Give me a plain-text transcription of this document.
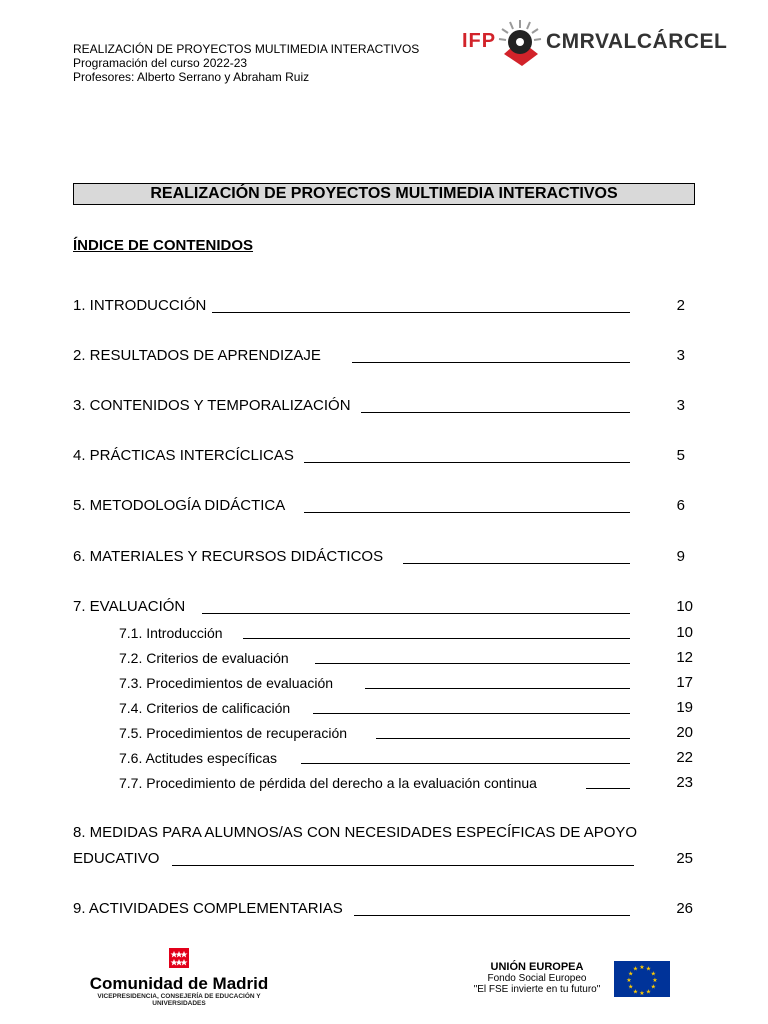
REALIZACIÓN DE PROYECTOS MULTIMEDIA INTERACTIVOS
Programación del curso 2022-23
Profesores: Alberto Serrano y Abraham Ruiz
IFP CMRVALCÁRCEL
REALIZACIÓN DE PROYECTOS MULTIMEDIA INTERACTIVOS
ÍNDICE DE CONTENIDOS
1. INTRODUCCIÓN	2
2. RESULTADOS DE APRENDIZAJE	3
3. CONTENIDOS Y TEMPORALIZACIÓN	3
4. PRÁCTICAS INTERCÍCLICAS	5
5. METODOLOGÍA DIDÁCTICA	6
6. MATERIALES Y RECURSOS DIDÁCTICOS	9
7. EVALUACIÓN	10
7.1. Introducción	10
7.2. Criterios de evaluación	12
7.3. Procedimientos de evaluación	17
7.4. Criterios de calificación	19
7.5. Procedimientos de recuperación	20
7.6. Actitudes específicas	22
7.7. Procedimiento de pérdida del derecho a la evaluación continua	23
8. MEDIDAS PARA ALUMNOS/AS CON NECESIDADES ESPECÍFICAS DE APOYO
EDUCATIVO	25
9. ACTIVIDADES COMPLEMENTARIAS	26
Comunidad de Madrid
VICEPRESIDENCIA, CONSEJERÍA DE EDUCACIÓN Y
UNIVERSIDADES
UNIÓN EUROPEA
Fondo Social Europeo
"El FSE invierte en tu futuro"
★ ★
★
★
★
★
★
★
★
★
★
★
